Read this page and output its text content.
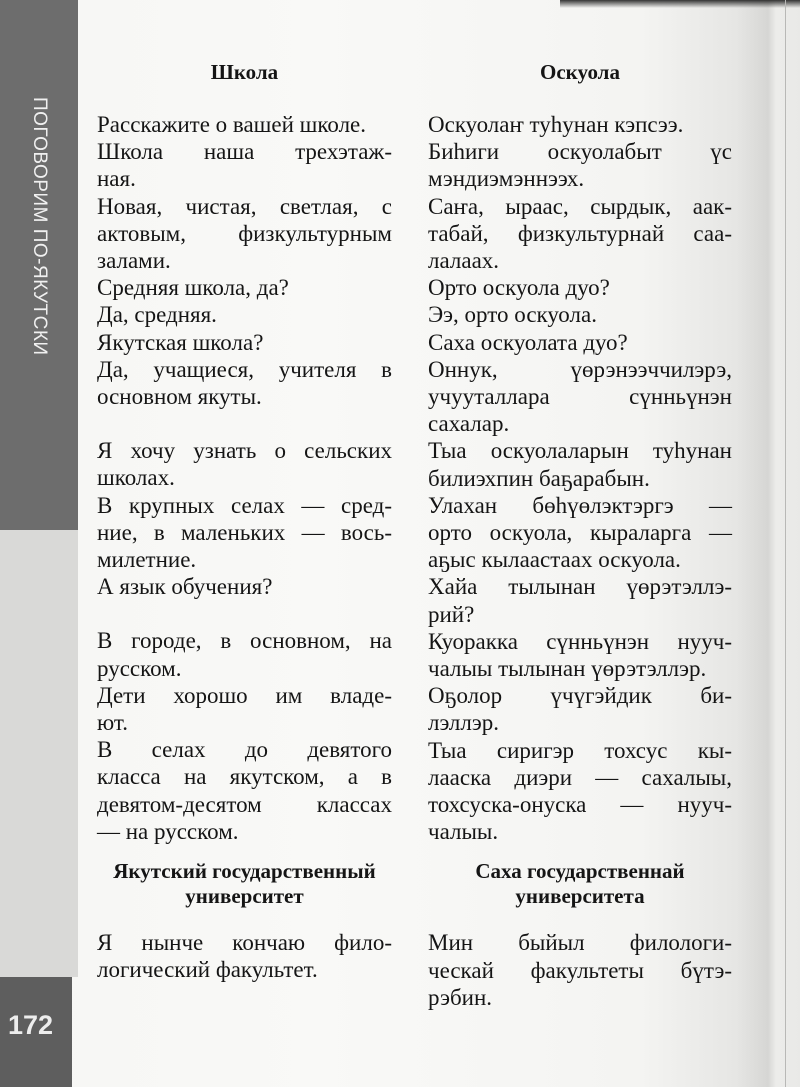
ПОГОВОРИМ ПО-ЯКУТСКИ
172
Школа
Расскажите о вашей школе.
Школа наша трехэтаж-
ная.
Новая, чистая, светлая, с
актовым, физкультурным
залами.
Средняя школа, да?
Да, средняя.
Якутская школа?
Да, учащиеся, учителя в
основном якуты.
Я хочу узнать о сельских
школах.
В крупных селах — сред-
ние, в маленьких — вось-
милетние.
А язык обучения?
В городе, в основном, на
русском.
Дети хорошо им владе-
ют.
В селах до девятого
класса на якутском, а в
девятом-десятом классах
— на русском.
Якутский государственный
университет
Я нынче кончаю фило-
логический факультет.
Оскуола
Оскуолаҥ туһунан кэпсээ.
Биһиги оскуолабыт үс
мэндиэмэннээх.
Саҥа, ыраас, сырдык, аак-
табай, физкультурнай саа-
лалаах.
Орто оскуола дуо?
Ээ, орто оскуола.
Саха оскуолата дуо?
Оннук, үөрэнээччилэрэ,
учууталлара сүнньүнэн
сахалар.
Тыа оскуолаларын туһунан
билиэхпин баҕарабын.
Улахан бөһүөлэктэргэ —
орто оскуола, кыраларга —
аҕыс кылаастаах оскуола.
Хайа тылынан үөрэтэллэ-
рий?
Куоракка сүнньүнэн нууч-
чалыы тылынан үөрэтэллэр.
Оҕолор үчүгэйдик би-
лэллэр.
Тыа сиригэр тохсус кы-
лааска диэри — сахалыы,
тохсуска-онуска — нууч-
чалыы.
Саха государственнай
университета
Мин быйыл филологи-
ческай факультеты бүтэ-
рэбин.
